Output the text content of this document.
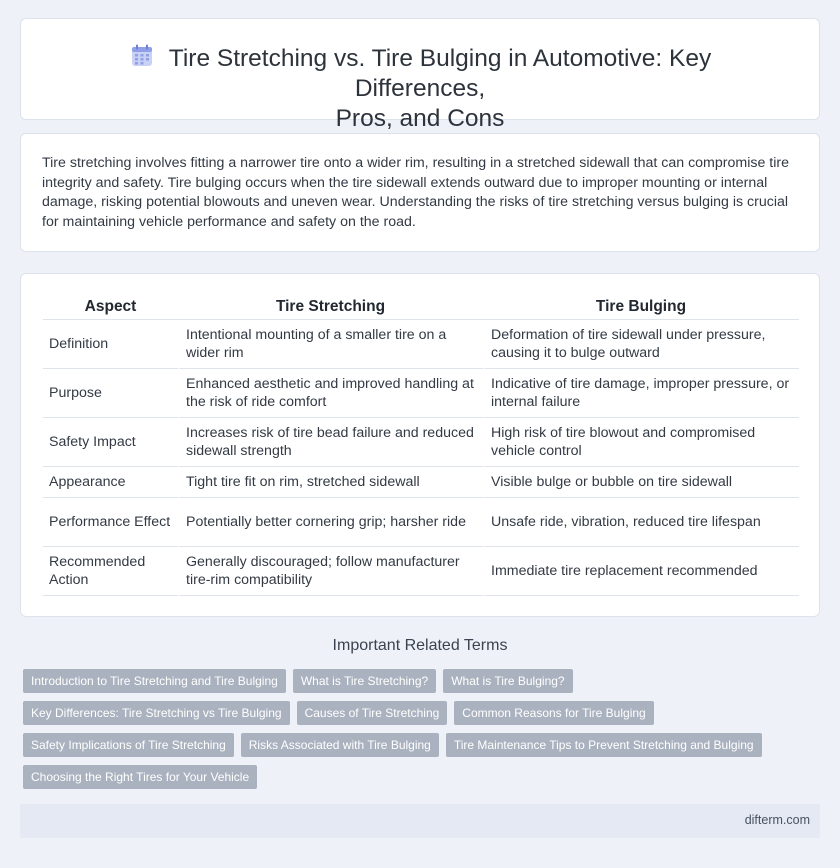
Tire Stretching vs. Tire Bulging in Automotive: Key Differences,
Pros, and Cons

Tire stretching involves fitting a narrower tire onto a wider rim, resulting in a stretched sidewall that can compromise tire integrity and safety. Tire bulging occurs when the tire sidewall extends outward due to improper mounting or internal damage, risking potential blowouts and uneven wear. Understanding the risks of tire stretching versus bulging is crucial for maintaining vehicle performance and safety on the road.

Aspect	Tire Stretching	Tire Bulging
Definition	Intentional mounting of a smaller tire on a wider rim	Deformation of tire sidewall under pressure, causing it to bulge outward
Purpose	Enhanced aesthetic and improved handling at the risk of ride comfort	Indicative of tire damage, improper pressure, or internal failure
Safety Impact	Increases risk of tire bead failure and reduced sidewall strength	High risk of tire blowout and compromised vehicle control
Appearance	Tight tire fit on rim, stretched sidewall	Visible bulge or bubble on tire sidewall
Performance Effect	Potentially better cornering grip; harsher ride	Unsafe ride, vibration, reduced tire lifespan
Recommended Action	Generally discouraged; follow manufacturer tire-rim compatibility	Immediate tire replacement recommended
Important Related Terms
Introduction to Tire Stretching and Tire Bulging	What is Tire Stretching?	What is Tire Bulging?
Key Differences: Tire Stretching vs Tire Bulging	Causes of Tire Stretching	Common Reasons for Tire Bulging
Safety Implications of Tire Stretching	Risks Associated with Tire Bulging	Tire Maintenance Tips to Prevent Stretching and Bulging
Choosing the Right Tires for Your Vehicle
difterm.com
